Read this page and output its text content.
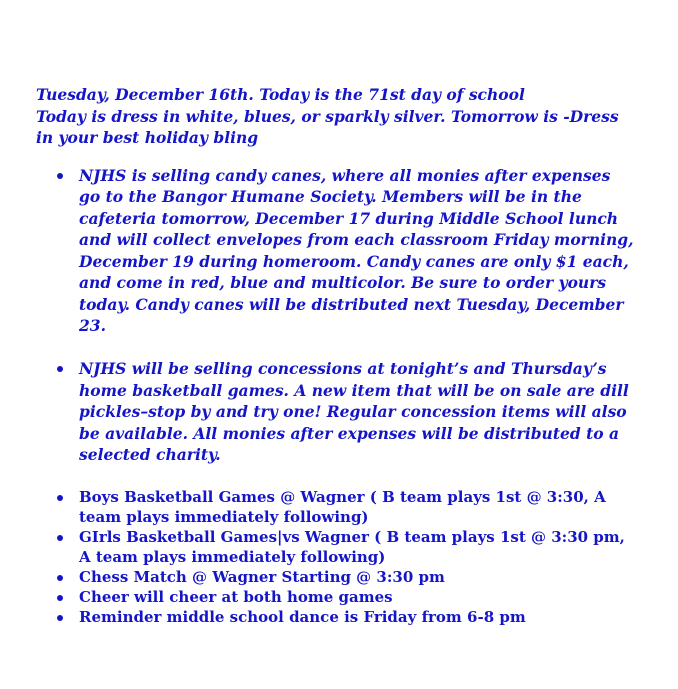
Tuesday, December 16th. Today is the 71st day of school
Today is dress in white, blues, or sparkly silver. Tomorrow is -Dress in your best holiday bling

NJHS is selling candy canes, where all monies after expenses go to the Bangor Humane Society. Members will be in the cafeteria tomorrow, December 17 during Middle School lunch and will collect envelopes from each classroom Friday morning, December 19 during homeroom. Candy canes are only $1 each, and come in red, blue and multicolor. Be sure to order yours today. Candy canes will be distributed next Tuesday, December 23.
NJHS will be selling concessions at tonight’s and Thursday’s home basketball games. A new item that will be on sale are dill pickles–stop by and try one! Regular concession items will also be available. All monies after expenses will be distributed to a selected charity.
Boys Basketball Games @ Wagner ( B team plays 1st @ 3:30, A team plays immediately following)
GIrls Basketball Games|vs Wagner ( B team plays 1st @ 3:30 pm, A team plays immediately following)
Chess Match @ Wagner Starting @ 3:30 pm
Cheer will cheer at both home games
Reminder middle school dance is Friday from 6-8 pm
